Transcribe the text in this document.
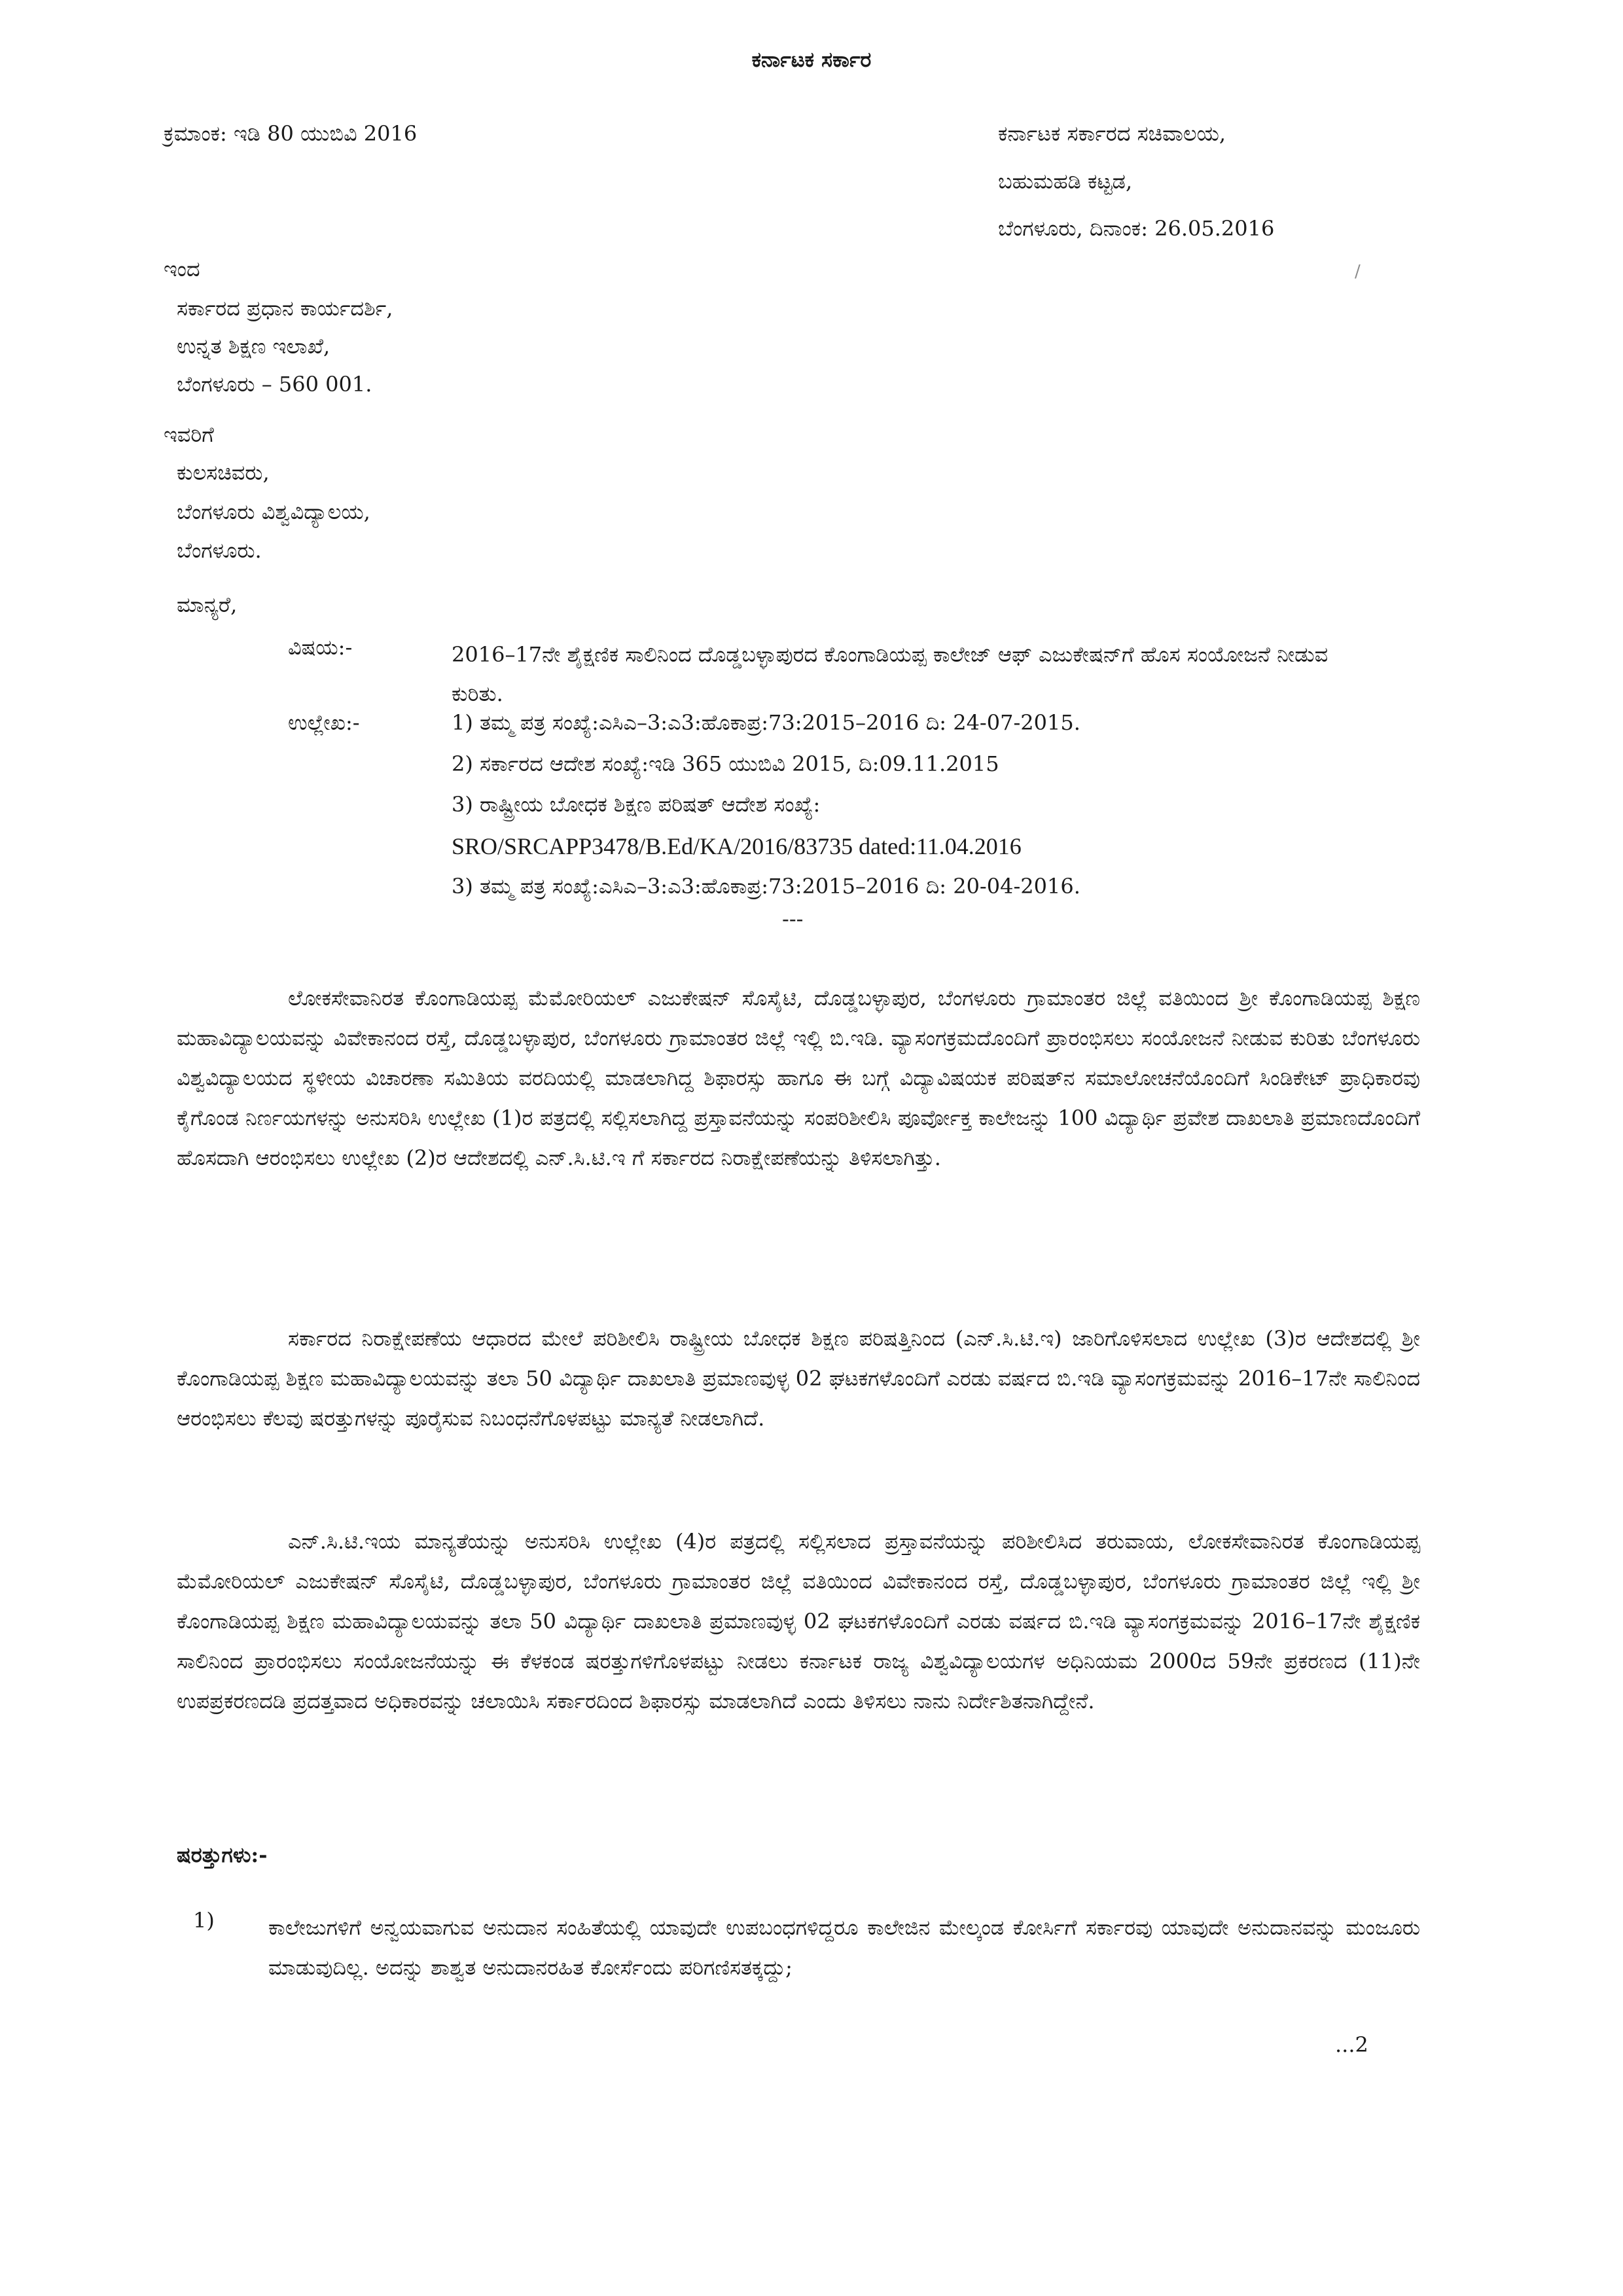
ಕರ್ನಾಟಕ ಸರ್ಕಾರ
ಕ್ರಮಾಂಕ: ಇಡಿ 80 ಯುಬಿವಿ 2016	ಕರ್ನಾಟಕ ಸರ್ಕಾರದ ಸಚಿವಾಲಯ,
ಬಹುಮಹಡಿ ಕಟ್ಟಡ,
ಬೆಂಗಳೂರು, ದಿನಾಂಕ: 26.05.2016
/
ಇಂದ
ಸರ್ಕಾರದ ಪ್ರಧಾನ ಕಾರ್ಯದರ್ಶಿ,
ಉನ್ನತ ಶಿಕ್ಷಣ ಇಲಾಖೆ,
ಬೆಂಗಳೂರು – 560 001.
ಇವರಿಗೆ
ಕುಲಸಚಿವರು,
ಬೆಂಗಳೂರು ವಿಶ್ವವಿದ್ಯಾಲಯ,
ಬೆಂಗಳೂರು.
ಮಾನ್ಯರೆ,
ವಿಷಯ:-	2016–17ನೇ ಶೈಕ್ಷಣಿಕ ಸಾಲಿನಿಂದ ದೊಡ್ಡಬಳ್ಳಾಪುರದ ಕೊಂಗಾಡಿಯಪ್ಪ ಕಾಲೇಜ್ ಆಫ್ ಎಜುಕೇಷನ್‌ಗೆ ಹೊಸ ಸಂಯೋಜನೆ ನೀಡುವ ಕುರಿತು.
ಉಲ್ಲೇಖ:-	1) ತಮ್ಮ ಪತ್ರ ಸಂಖ್ಯೆ:ಎಸಿಎ–3:ಎ3:ಹೊಕಾಪ್ರ:73:2015–2016 ದಿ: 24-07-2015.
2) ಸರ್ಕಾರದ ಆದೇಶ ಸಂಖ್ಯೆ:ಇಡಿ 365 ಯುಬಿವಿ 2015, ದಿ:09.11.2015
3) ರಾಷ್ಟ್ರೀಯ ಬೋಧಕ ಶಿಕ್ಷಣ ಪರಿಷತ್ ಆದೇಶ ಸಂಖ್ಯೆ:
SRO/SRCAPP3478/B.Ed/KA/2016/83735 dated:11.04.2016
3) ತಮ್ಮ ಪತ್ರ ಸಂಖ್ಯೆ:ಎಸಿಎ–3:ಎ3:ಹೊಕಾಪ್ರ:73:2015–2016 ದಿ: 20-04-2016.
---
ಲೋಕಸೇವಾನಿರತ ಕೊಂಗಾಡಿಯಪ್ಪ ಮೆಮೋರಿಯಲ್ ಎಜುಕೇಷನ್ ಸೊಸೈಟಿ, ದೊಡ್ಡಬಳ್ಳಾಪುರ, ಬೆಂಗಳೂರು ಗ್ರಾಮಾಂತರ ಜಿಲ್ಲೆ ವತಿಯಿಂದ ಶ್ರೀ ಕೊಂಗಾಡಿಯಪ್ಪ ಶಿಕ್ಷಣ ಮಹಾವಿದ್ಯಾಲಯವನ್ನು ವಿವೇಕಾನಂದ ರಸ್ತೆ, ದೊಡ್ಡಬಳ್ಳಾಪುರ, ಬೆಂಗಳೂರು ಗ್ರಾಮಾಂತರ ಜಿಲ್ಲೆ ಇಲ್ಲಿ ಬಿ.ಇಡಿ. ವ್ಯಾಸಂಗಕ್ರಮದೊಂದಿಗೆ ಪ್ರಾರಂಭಿಸಲು ಸಂಯೋಜನೆ ನೀಡುವ ಕುರಿತು ಬೆಂಗಳೂರು ವಿಶ್ವವಿದ್ಯಾಲಯದ ಸ್ಥಳೀಯ ವಿಚಾರಣಾ ಸಮಿತಿಯ ವರದಿಯಲ್ಲಿ ಮಾಡಲಾಗಿದ್ದ ಶಿಫಾರಸ್ಸು ಹಾಗೂ ಈ ಬಗ್ಗೆ ವಿದ್ಯಾವಿಷಯಕ ಪರಿಷತ್‌ನ ಸಮಾಲೋಚನೆಯೊಂದಿಗೆ ಸಿಂಡಿಕೇಟ್ ಪ್ರಾಧಿಕಾರವು ಕೈಗೊಂಡ ನಿರ್ಣಯಗಳನ್ನು ಅನುಸರಿಸಿ ಉಲ್ಲೇಖ (1)ರ ಪತ್ರದಲ್ಲಿ ಸಲ್ಲಿಸಲಾಗಿದ್ದ ಪ್ರಸ್ತಾವನೆಯನ್ನು ಸಂಪರಿಶೀಲಿಸಿ ಪೂರ್ವೋಕ್ತ ಕಾಲೇಜನ್ನು 100 ವಿದ್ಯಾರ್ಥಿ ಪ್ರವೇಶ ದಾಖಲಾತಿ ಪ್ರಮಾಣದೊಂದಿಗೆ ಹೊಸದಾಗಿ ಆರಂಭಿಸಲು ಉಲ್ಲೇಖ (2)ರ ಆದೇಶದಲ್ಲಿ ಎನ್.ಸಿ.ಟಿ.ಇ ಗೆ ಸರ್ಕಾರದ ನಿರಾಕ್ಷೇಪಣೆಯನ್ನು ತಿಳಿಸಲಾಗಿತ್ತು.
ಸರ್ಕಾರದ ನಿರಾಕ್ಷೇಪಣೆಯ ಆಧಾರದ ಮೇಲೆ ಪರಿಶೀಲಿಸಿ ರಾಷ್ಟ್ರೀಯ ಬೋಧಕ ಶಿಕ್ಷಣ ಪರಿಷತ್ತಿನಿಂದ (ಎನ್.ಸಿ.ಟಿ.ಇ) ಜಾರಿಗೊಳಿಸಲಾದ ಉಲ್ಲೇಖ (3)ರ ಆದೇಶದಲ್ಲಿ ಶ್ರೀ ಕೊಂಗಾಡಿಯಪ್ಪ ಶಿಕ್ಷಣ ಮಹಾವಿದ್ಯಾಲಯವನ್ನು ತಲಾ 50 ವಿದ್ಯಾರ್ಥಿ ದಾಖಲಾತಿ ಪ್ರಮಾಣವುಳ್ಳ 02 ಘಟಕಗಳೊಂದಿಗೆ ಎರಡು ವರ್ಷದ ಬಿ.ಇಡಿ ವ್ಯಾಸಂಗಕ್ರಮವನ್ನು 2016–17ನೇ ಸಾಲಿನಿಂದ ಆರಂಭಿಸಲು ಕೆಲವು ಷರತ್ತುಗಳನ್ನು ಪೂರೈಸುವ ನಿಬಂಧನೆಗೊಳಪಟ್ಟು ಮಾನ್ಯತೆ ನೀಡಲಾಗಿದೆ.
ಎನ್.ಸಿ.ಟಿ.ಇಯ ಮಾನ್ಯತೆಯನ್ನು ಅನುಸರಿಸಿ ಉಲ್ಲೇಖ (4)ರ ಪತ್ರದಲ್ಲಿ ಸಲ್ಲಿಸಲಾದ ಪ್ರಸ್ತಾವನೆಯನ್ನು ಪರಿಶೀಲಿಸಿದ ತರುವಾಯ, ಲೋಕಸೇವಾನಿರತ ಕೊಂಗಾಡಿಯಪ್ಪ ಮೆಮೋರಿಯಲ್ ಎಜುಕೇಷನ್ ಸೊಸೈಟಿ, ದೊಡ್ಡಬಳ್ಳಾಪುರ, ಬೆಂಗಳೂರು ಗ್ರಾಮಾಂತರ ಜಿಲ್ಲೆ ವತಿಯಿಂದ ವಿವೇಕಾನಂದ ರಸ್ತೆ, ದೊಡ್ಡಬಳ್ಳಾಪುರ, ಬೆಂಗಳೂರು ಗ್ರಾಮಾಂತರ ಜಿಲ್ಲೆ ಇಲ್ಲಿ ಶ್ರೀ ಕೊಂಗಾಡಿಯಪ್ಪ ಶಿಕ್ಷಣ ಮಹಾವಿದ್ಯಾಲಯವನ್ನು ತಲಾ 50 ವಿದ್ಯಾರ್ಥಿ ದಾಖಲಾತಿ ಪ್ರಮಾಣವುಳ್ಳ 02 ಘಟಕಗಳೊಂದಿಗೆ ಎರಡು ವರ್ಷದ ಬಿ.ಇಡಿ ವ್ಯಾಸಂಗಕ್ರಮವನ್ನು 2016–17ನೇ ಶೈಕ್ಷಣಿಕ ಸಾಲಿನಿಂದ ಪ್ರಾರಂಭಿಸಲು ಸಂಯೋಜನೆಯನ್ನು ಈ ಕೆಳಕಂಡ ಷರತ್ತುಗಳಿಗೊಳಪಟ್ಟು ನೀಡಲು ಕರ್ನಾಟಕ ರಾಜ್ಯ ವಿಶ್ವವಿದ್ಯಾಲಯಗಳ ಅಧಿನಿಯಮ 2000ದ 59ನೇ ಪ್ರಕರಣದ (11)ನೇ ಉಪಪ್ರಕರಣದಡಿ ಪ್ರದತ್ತವಾದ ಅಧಿಕಾರವನ್ನು ಚಲಾಯಿಸಿ ಸರ್ಕಾರದಿಂದ ಶಿಫಾರಸ್ಸು ಮಾಡಲಾಗಿದೆ ಎಂದು ತಿಳಿಸಲು ನಾನು ನಿರ್ದೇಶಿತನಾಗಿದ್ದೇನೆ.
ಷರತ್ತುಗಳು:-
1)	ಕಾಲೇಜುಗಳಿಗೆ ಅನ್ವಯವಾಗುವ ಅನುದಾನ ಸಂಹಿತೆಯಲ್ಲಿ ಯಾವುದೇ ಉಪಬಂಧಗಳಿದ್ದರೂ ಕಾಲೇಜಿನ ಮೇಲ್ಕಂಡ ಕೋರ್ಸಿಗೆ ಸರ್ಕಾರವು ಯಾವುದೇ ಅನುದಾನವನ್ನು ಮಂಜೂರು ಮಾಡುವುದಿಲ್ಲ. ಅದನ್ನು ಶಾಶ್ವತ ಅನುದಾನರಹಿತ ಕೋರ್ಸೆಂದು ಪರಿಗಣಿಸತಕ್ಕದ್ದು;
...2
